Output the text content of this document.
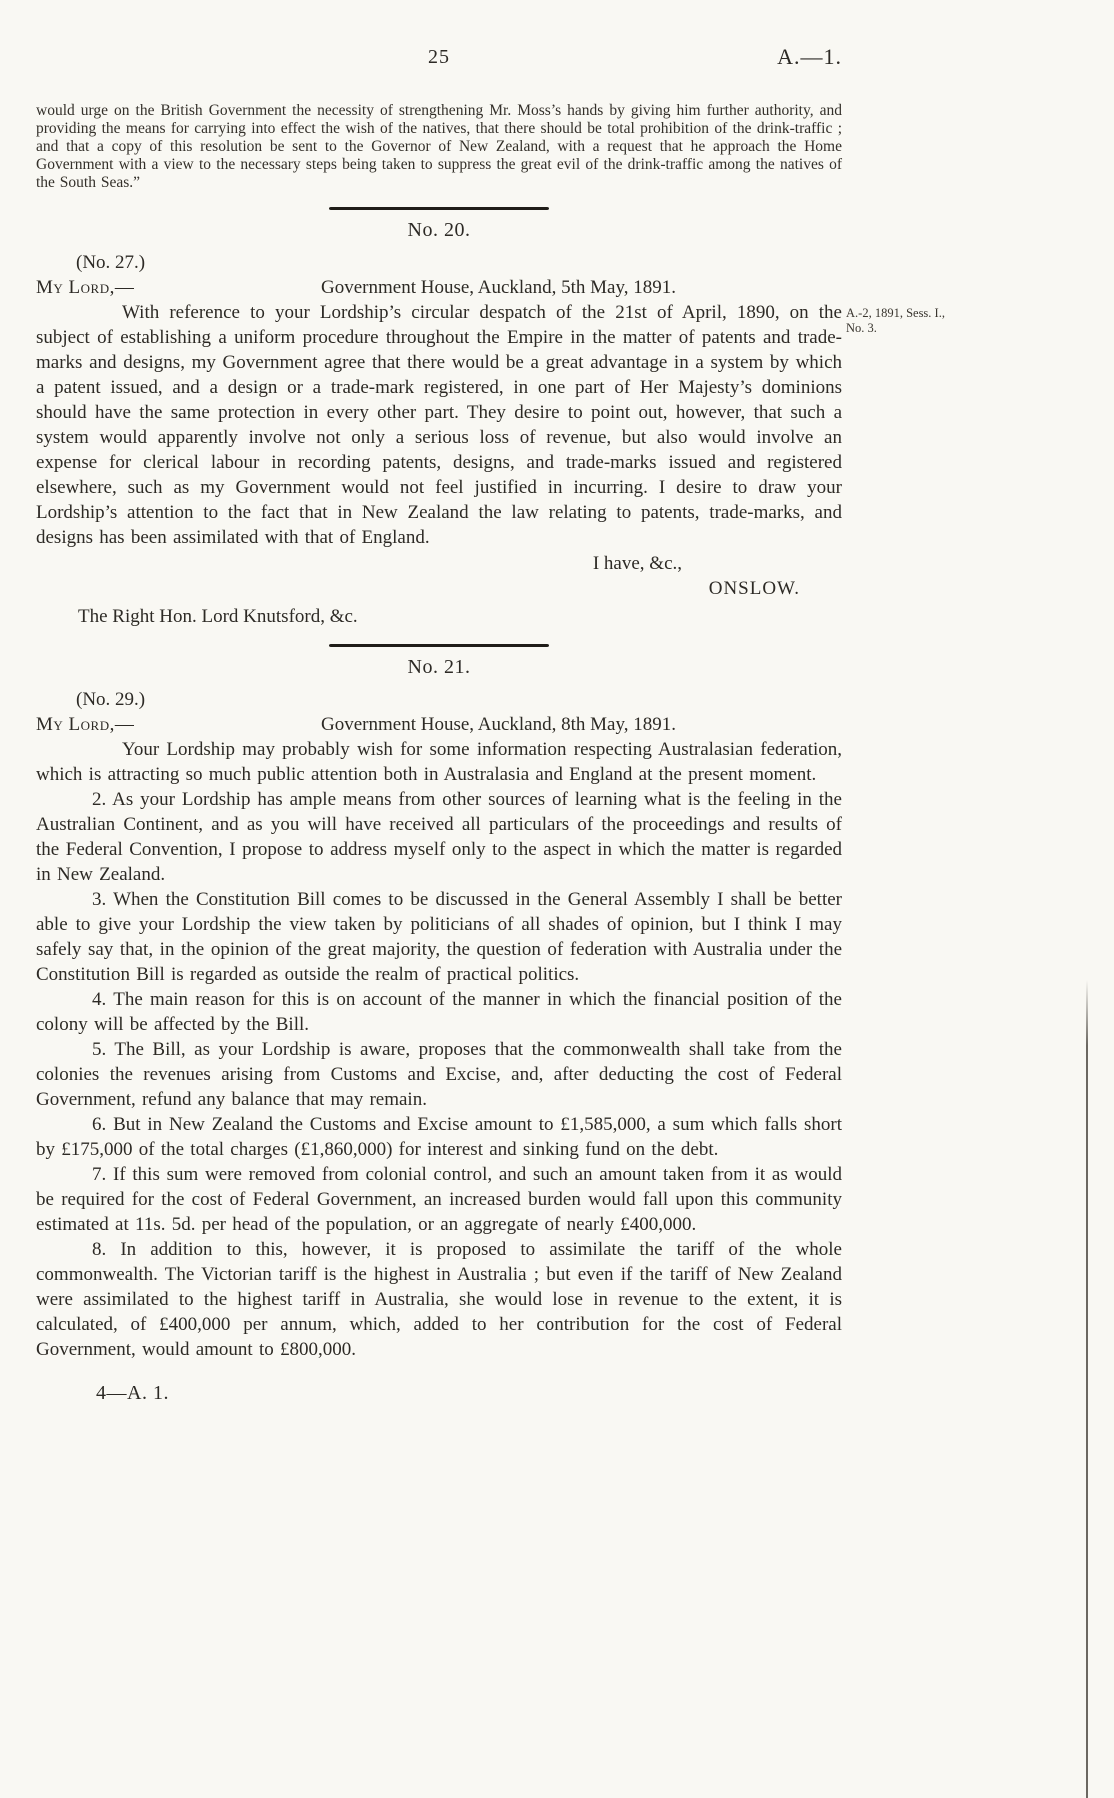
25	A.—1.

would urge on the British Government the necessity of strengthening Mr. Moss’s hands by giving him further authority, and providing the means for carrying into effect the wish of the natives, that there should be total prohibition of the drink-traffic ; and that a copy of this resolution be sent to the Governor of New Zealand, with a request that he approach the Home Government with a view to the necessary steps being taken to suppress the great evil of the drink-traffic among the natives of the South Seas.”

No. 20.
(No. 27.)
My Lord,—	Government House, Auckland, 5th May, 1891.

With reference to your Lordship’s circular despatch of the 21st of April, 1890, on the subject of establishing a uniform procedure throughout the Empire in the matter of patents and trade-marks and designs, my Government agree that there would be a great advantage in a system by which a patent issued, and a design or a trade-mark registered, in one part of Her Majesty’s dominions should have the same protection in every other part. They desire to point out, however, that such a system would apparently involve not only a serious loss of revenue, but also would involve an expense for clerical labour in recording patents, designs, and trade-marks issued and registered elsewhere, such as my Government would not feel justified in incurring. I desire to draw your Lordship’s attention to the fact that in New Zealand the law relating to patents, trade-marks, and designs has been assimilated with that of England.

I have, &c.,
ONSLOW.
The Right Hon. Lord Knutsford, &c.
No. 21.
(No. 29.)
My Lord,—	Government House, Auckland, 8th May, 1891.

Your Lordship may probably wish for some information respecting Australasian federation, which is attracting so much public attention both in Australasia and England at the present moment.

2. As your Lordship has ample means from other sources of learning what is the feeling in the Australian Continent, and as you will have received all particulars of the proceedings and results of the Federal Convention, I propose to address myself only to the aspect in which the matter is regarded in New Zealand.

3. When the Constitution Bill comes to be discussed in the General Assembly I shall be better able to give your Lordship the view taken by politicians of all shades of opinion, but I think I may safely say that, in the opinion of the great majority, the question of federation with Australia under the Constitution Bill is regarded as outside the realm of practical politics.

4. The main reason for this is on account of the manner in which the financial position of the colony will be affected by the Bill.

5. The Bill, as your Lordship is aware, proposes that the commonwealth shall take from the colonies the revenues arising from Customs and Excise, and, after deducting the cost of Federal Government, refund any balance that may remain.

6. But in New Zealand the Customs and Excise amount to £1,585,000, a sum which falls short by £175,000 of the total charges (£1,860,000) for interest and sinking fund on the debt.

7. If this sum were removed from colonial control, and such an amount taken from it as would be required for the cost of Federal Government, an increased burden would fall upon this community estimated at 11s. 5d. per head of the population, or an aggregate of nearly £400,000.

8. In addition to this, however, it is proposed to assimilate the tariff of the whole commonwealth. The Victorian tariff is the highest in Australia ; but even if the tariff of New Zealand were assimilated to the highest tariff in Australia, she would lose in revenue to the extent, it is calculated, of £400,000 per annum, which, added to her contribution for the cost of Federal Government, would amount to £800,000.

4—A. 1.
A.-2, 1891, Sess. I.,
No. 3.
